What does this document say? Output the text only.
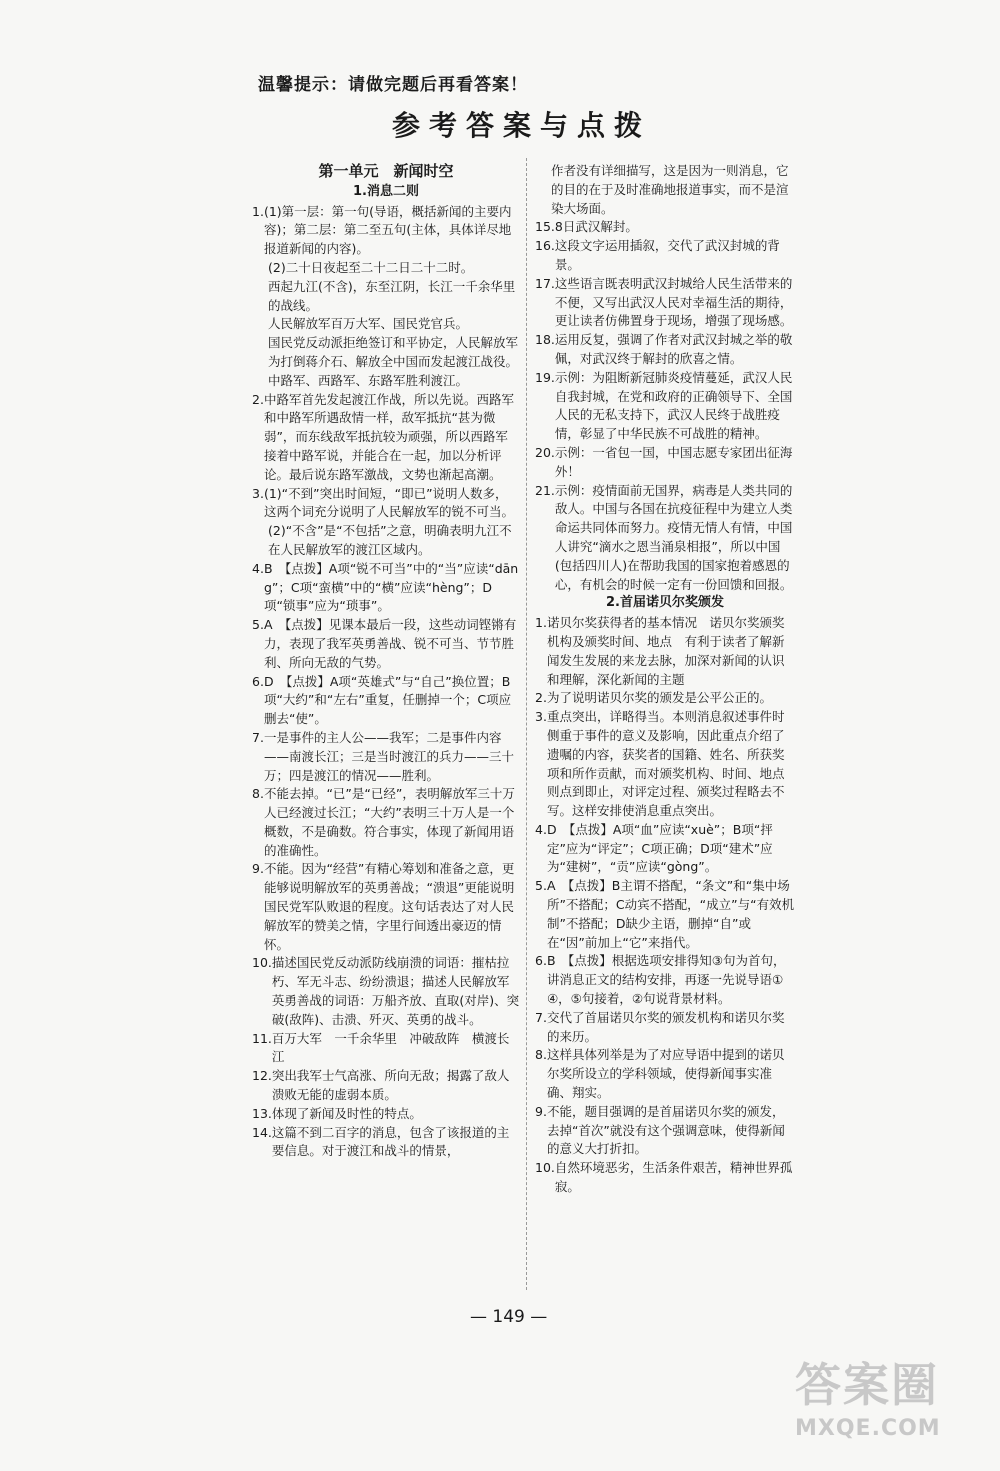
温馨提示：请做完题后再看答案！
参考答案与点拨
第一单元　新闻时空
1.消息二则
1. (1)第一层：第一句(导语，概括新闻的主要内容)；第二层：第二至五句(主体，具体详尽地报道新闻的内容)。
(2)二十日夜起至二十二日二十二时。
西起九江(不含)，东至江阴，长江一千余华里的战线。
人民解放军百万大军、国民党官兵。
国民党反动派拒绝签订和平协定，人民解放军为打倒蒋介石、解放全中国而发起渡江战役。
中路军、西路军、东路军胜利渡江。
2. 中路军首先发起渡江作战，所以先说。西路军和中路军所遇敌情一样，敌军抵抗“甚为微弱”，而东线敌军抵抗较为顽强，所以西路军接着中路军说，并能合在一起，加以分析评论。最后说东路军激战，文势也渐起高潮。
3. (1)“不到”突出时间短，“即已”说明人数多，这两个词充分说明了人民解放军的锐不可当。
(2)“不含”是“不包括”之意，明确表明九江不在人民解放军的渡江区域内。
4. B　【点拨】A项“锐不可当”中的“当”应读“dāng”；C项“蛮横”中的“横”应读“hèng”；D项“锁事”应为“琐事”。
5. A　【点拨】见课本最后一段，这些动词铿锵有力，表现了我军英勇善战、锐不可当、节节胜利、所向无敌的气势。
6. D　【点拨】A项“英雄式”与“自己”换位置；B项“大约”和“左右”重复，任删掉一个；C项应删去“使”。
7. 一是事件的主人公——我军；二是事件内容——南渡长江；三是当时渡江的兵力——三十万；四是渡江的情况——胜利。
8. 不能去掉。“已”是“已经”，表明解放军三十万人已经渡过长江；“大约”表明三十万人是一个概数，不是确数。符合事实，体现了新闻用语的准确性。
9. 不能。因为“经营”有精心筹划和准备之意，更能够说明解放军的英勇善战；“溃退”更能说明国民党军队败退的程度。这句话表达了对人民解放军的赞美之情，字里行间透出豪迈的情怀。
10. 描述国民党反动派防线崩溃的词语：摧枯拉朽、军无斗志、纷纷溃退；描述人民解放军英勇善战的词语：万船齐放、直取(对岸)、突破(敌阵)、击溃、歼灭、英勇的战斗。
11. 百万大军　一千余华里　冲破敌阵　横渡长江
12. 突出我军士气高涨、所向无敌；揭露了敌人溃败无能的虚弱本质。
13. 体现了新闻及时性的特点。
14. 这篇不到二百字的消息，包含了该报道的主要信息。对于渡江和战斗的情景，
作者没有详细描写，这是因为一则消息，它的目的在于及时准确地报道事实，而不是渲染大场面。
15. 8日武汉解封。
16. 这段文字运用插叙，交代了武汉封城的背景。
17. 这些语言既表明武汉封城给人民生活带来的不便，又写出武汉人民对幸福生活的期待，更让读者仿佛置身于现场，增强了现场感。
18. 运用反复，强调了作者对武汉封城之举的敬佩，对武汉终于解封的欣喜之情。
19. 示例：为阻断新冠肺炎疫情蔓延，武汉人民自我封城，在党和政府的正确领导下、全国人民的无私支持下，武汉人民终于战胜疫情，彰显了中华民族不可战胜的精神。
20. 示例：一省包一国，中国志愿专家团出征海外！
21. 示例：疫情面前无国界，病毒是人类共同的敌人。中国与各国在抗疫征程中为建立人类命运共同体而努力。疫情无情人有情，中国人讲究“滴水之恩当涌泉相报”，所以中国(包括四川人)在帮助我国的国家抱着感恩的心，有机会的时候一定有一份回馈和回报。
2.首届诺贝尔奖颁发
1. 诺贝尔奖获得者的基本情况　诺贝尔奖颁奖机构及颁奖时间、地点　有利于读者了解新闻发生发展的来龙去脉，加深对新闻的认识和理解，深化新闻的主题
2. 为了说明诺贝尔奖的颁发是公平公正的。
3. 重点突出，详略得当。本则消息叙述事件时侧重于事件的意义及影响，因此重点介绍了遗嘱的内容，获奖者的国籍、姓名、所获奖项和所作贡献，而对颁奖机构、时间、地点则点到即止，对评定过程、颁奖过程略去不写。这样安排使消息重点突出。
4. D　【点拨】A项“血”应读“xuè”；B项“抨定”应为“评定”；C项正确；D项“建术”应为“建树”，“贡”应读“gòng”。
5. A　【点拨】B主谓不搭配，“条文”和“集中场所”不搭配；C动宾不搭配，“成立”与“有效机制”不搭配；D缺少主语，删掉“自”或在“因”前加上“它”来指代。
6. B　【点拨】根据选项安排得知③句为首句，讲消息正文的结构安排，再逐一先说导语①④，⑤句接着，②句说背景材料。
7. 交代了首届诺贝尔奖的颁发机构和诺贝尔奖的来历。
8. 这样具体列举是为了对应导语中提到的诺贝尔奖所设立的学科领域，使得新闻事实准确、翔实。
9. 不能，题目强调的是首届诺贝尔奖的颁发，去掉“首次”就没有这个强调意味，使得新闻的意义大打折扣。
10. 自然环境恶劣，生活条件艰苦，精神世界孤寂。
— 149 —
答案圈
MXQE.COM
